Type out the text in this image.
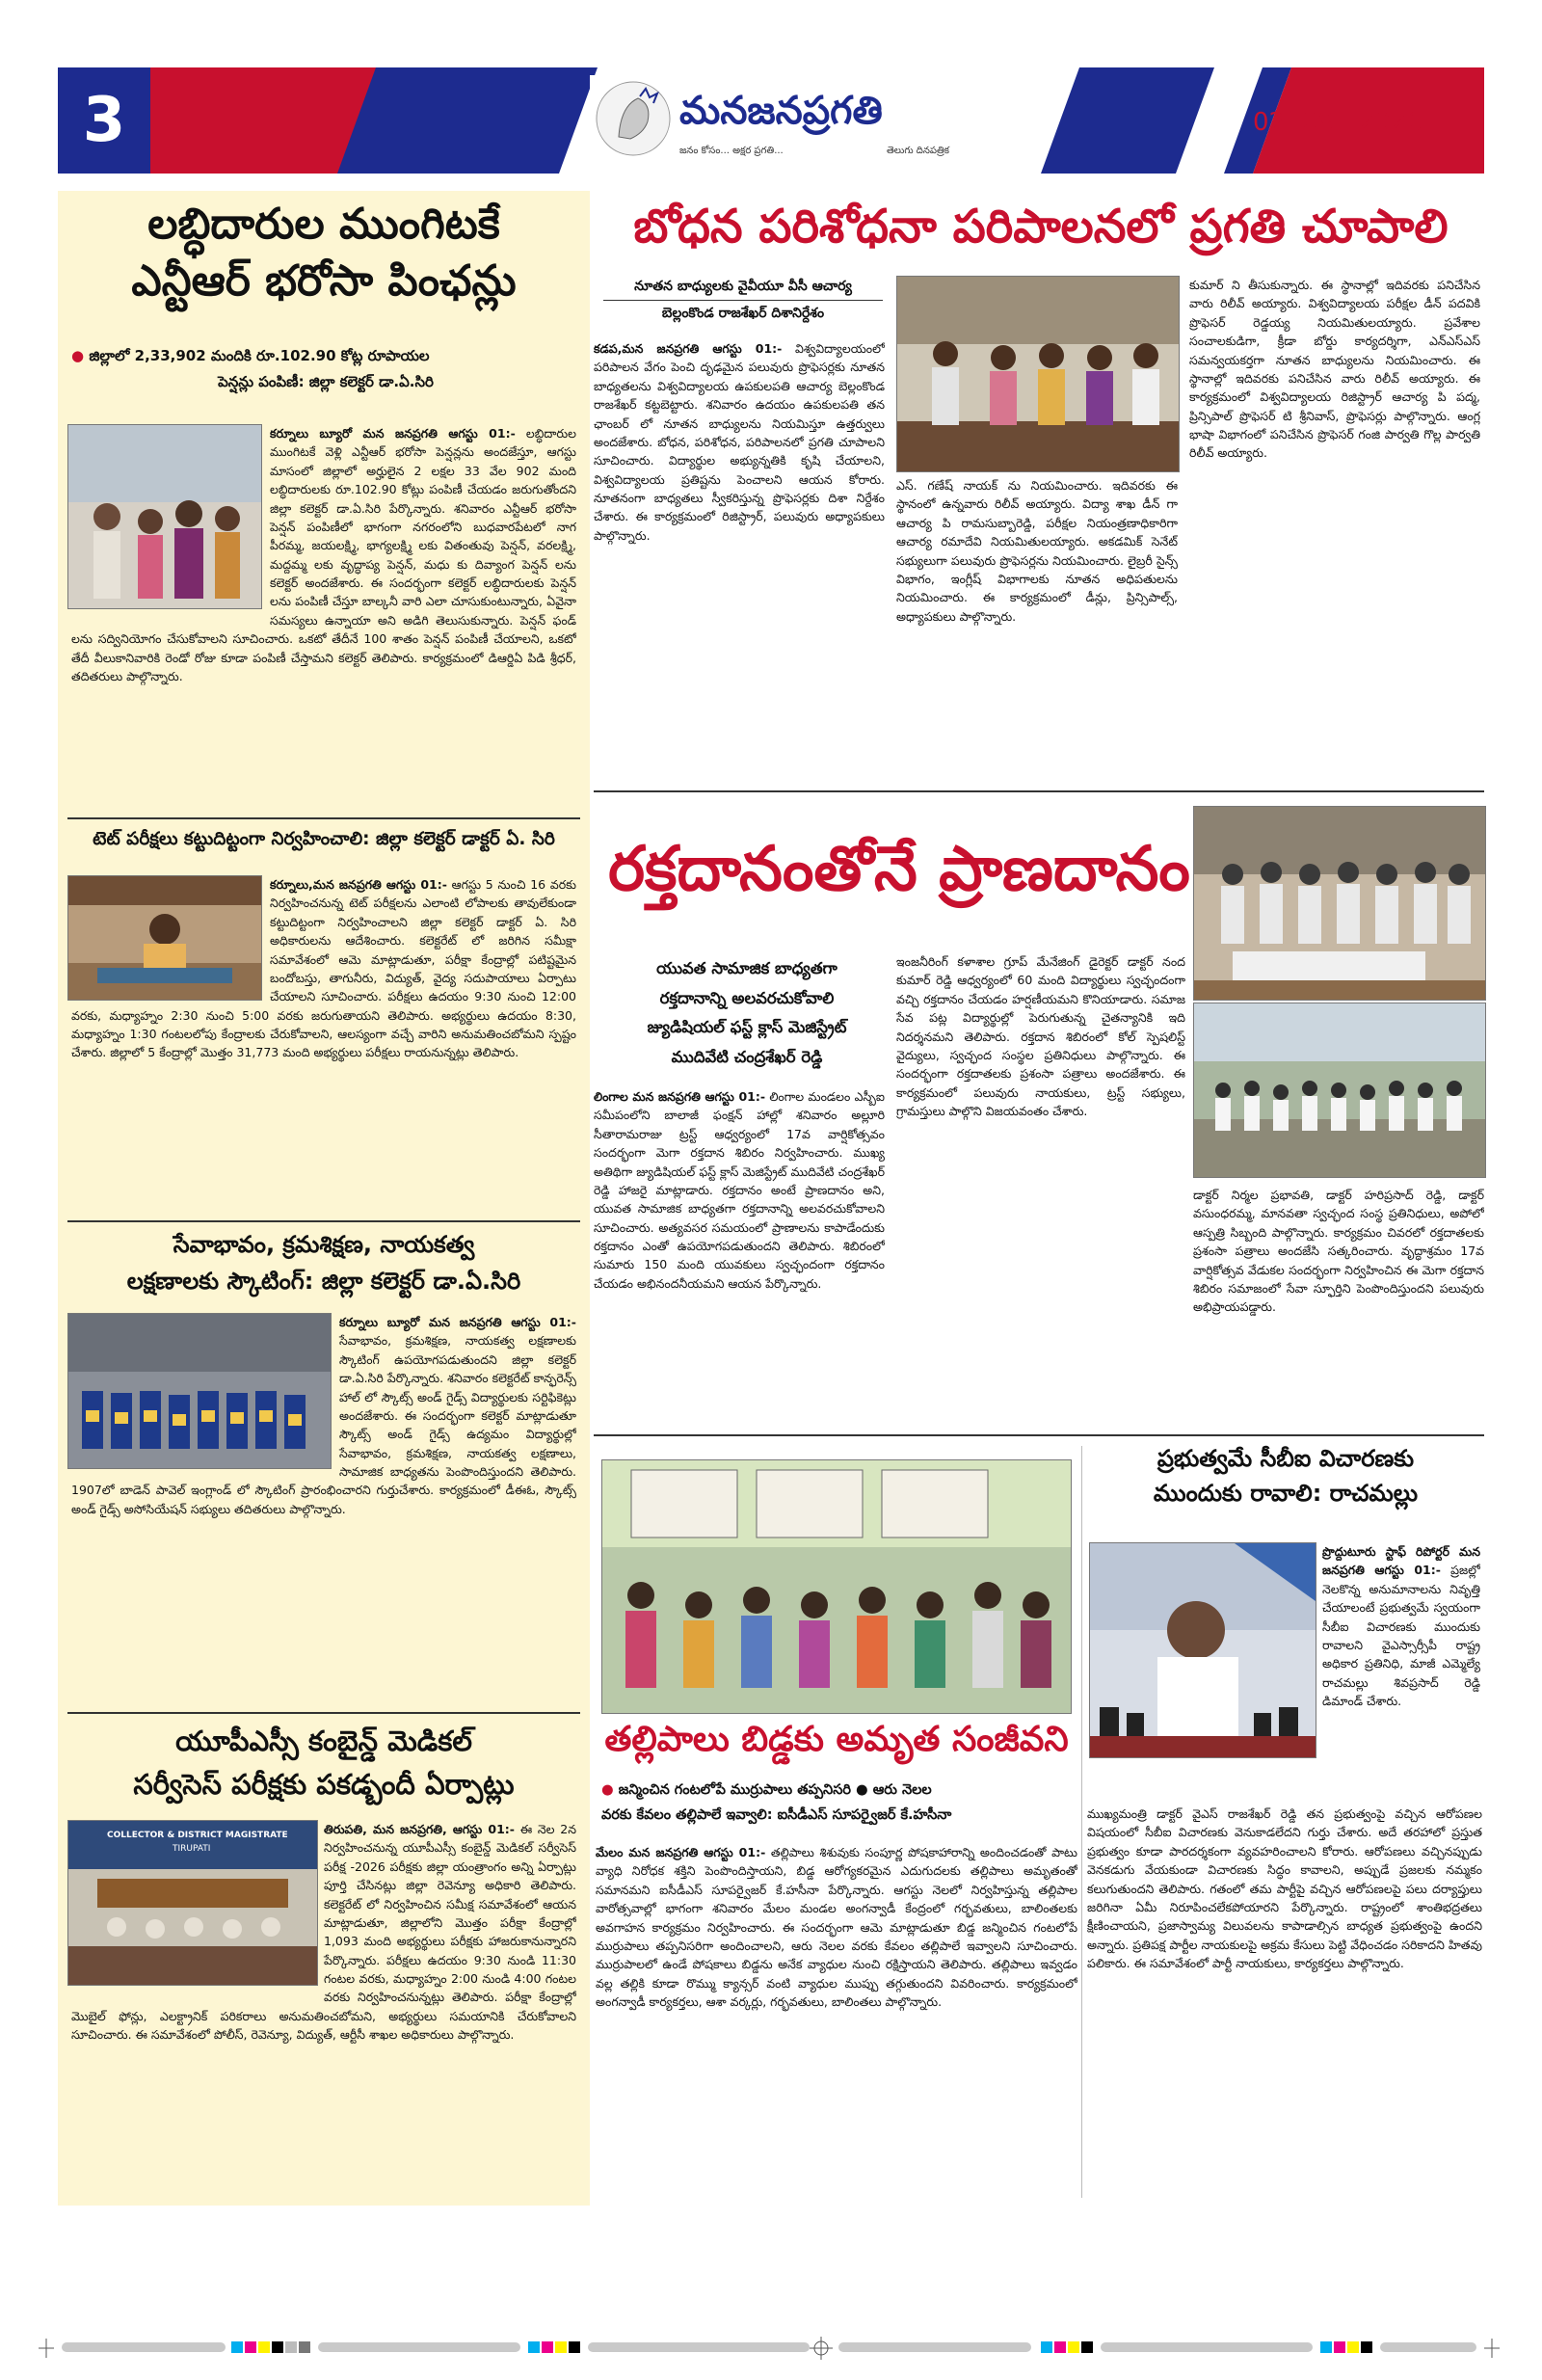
3	మనజనప్రగతి
జనం కోసం... అక్షర ప్రగతి...	తెలుగు దినపత్రిక
02- 08 - 2026
లబ్ధిదారుల ముంగిటకే
ఎన్టీఆర్ భరోసా పింఛన్లు
● జిల్లాలో 2,33,902 మందికి రూ.102.90 కోట్ల రూపాయల
పెన్షన్లు పంపిణీ: జిల్లా కలెక్టర్ డా.ఏ.సిరి
కర్నూలు బ్యూరో మన జనప్రగతి ఆగస్టు 01:- లబ్ధిదారుల ముంగిటకే వెళ్లి ఎన్టీఆర్ భరోసా పెన్షన్లను అందజేస్తూ, ఆగస్టు మాసంలో జిల్లాలో అర్హులైన 2 లక్షల 33 వేల 902 మంది లబ్ధిదారులకు రూ.102.90 కోట్లు పంపిణీ చేయడం జరుగుతోందని జిల్లా కలెక్టర్ డా.ఏ.సిరి పేర్కొన్నారు. శనివారం ఎన్టీఆర్ భరోసా పెన్షన్ పంపిణీలో భాగంగా నగరంలోని బుధవారపేటలో నాగ పీరమ్మ, జయలక్ష్మి, భాగ్యలక్ష్మి లకు వితంతువు పెన్షన్, వరలక్ష్మి, మద్దమ్మ లకు వృద్ధాప్య పెన్షన్, మధు కు దివ్యాంగ పెన్షన్ లను కలెక్టర్ అందజేశారు. ఈ సందర్భంగా కలెక్టర్ లబ్ధిదారులకు పెన్షన్ లను పంపిణీ చేస్తూ బాల్కనీ వారి ఎలా చూసుకుంటున్నారు, ఏవైనా సమస్యలు ఉన్నాయా అని అడిగి తెలుసుకున్నారు. పెన్షన్ ఫండ్ లను సద్వినియోగం చేసుకోవాలని సూచించారు. ఒకటో తేదీనే 100 శాతం పెన్షన్ పంపిణీ చేయాలని, ఒకటో తేదీ వీలుకానివారికి రెండో రోజు కూడా పంపిణీ చేస్తామని కలెక్టర్ తెలిపారు. కార్యక్రమంలో డిఆర్డిఏ పిడి శ్రీధర్, తదితరులు పాల్గొన్నారు.
టెట్ పరీక్షలు కట్టుదిట్టంగా నిర్వహించాలి: జిల్లా కలెక్టర్ డాక్టర్ ఏ. సిరి
కర్నూలు,మన జనప్రగతి ఆగస్టు 01:- ఆగస్టు 5 నుంచి 16 వరకు నిర్వహించనున్న టెట్ పరీక్షలను ఎలాంటి లోపాలకు తావులేకుండా కట్టుదిట్టంగా నిర్వహించాలని జిల్లా కలెక్టర్ డాక్టర్ ఏ. సిరి అధికారులను ఆదేశించారు. కలెక్టరేట్ లో జరిగిన సమీక్షా సమావేశంలో ఆమె మాట్లాడుతూ, పరీక్షా కేంద్రాల్లో పటిష్టమైన బందోబస్తు, తాగునీరు, విద్యుత్, వైద్య సదుపాయాలు ఏర్పాటు చేయాలని సూచించారు. పరీక్షలు ఉదయం 9:30 నుంచి 12:00 వరకు, మధ్యాహ్నం 2:30 నుంచి 5:00 వరకు జరుగుతాయని తెలిపారు. అభ్యర్థులు ఉదయం 8:30, మధ్యాహ్నం 1:30 గంటలలోపు కేంద్రాలకు చేరుకోవాలని, ఆలస్యంగా వచ్చే వారిని అనుమతించబోమని స్పష్టం చేశారు. జిల్లాలో 5 కేంద్రాల్లో మొత్తం 31,773 మంది అభ్యర్థులు పరీక్షలు రాయనున్నట్లు తెలిపారు.
సేవాభావం, క్రమశిక్షణ, నాయకత్వ
లక్షణాలకు స్కౌటింగ్: జిల్లా కలెక్టర్ డా.ఏ.సిరి
కర్నూలు బ్యూరో మన జనప్రగతి ఆగస్టు 01:- సేవాభావం, క్రమశిక్షణ, నాయకత్వ లక్షణాలకు స్కౌటింగ్ ఉపయోగపడుతుందని జిల్లా కలెక్టర్ డా.ఏ.సిరి పేర్కొన్నారు. శనివారం కలెక్టరేట్ కాన్ఫరెన్స్ హాల్ లో స్కౌట్స్ అండ్ గైడ్స్ విద్యార్థులకు సర్టిఫికెట్లు అందజేశారు. ఈ సందర్భంగా కలెక్టర్ మాట్లాడుతూ స్కౌట్స్ అండ్ గైడ్స్ ఉద్యమం విద్యార్థుల్లో సేవాభావం, క్రమశిక్షణ, నాయకత్వ లక్షణాలు, సామాజిక బాధ్యతను పెంపొందిస్తుందని తెలిపారు. 1907లో బాడెన్ పావెల్ ఇంగ్లాండ్ లో స్కౌటింగ్ ప్రారంభించారని గుర్తుచేశారు. కార్యక్రమంలో డీఈఓ, స్కౌట్స్ అండ్ గైడ్స్ అసోసియేషన్ సభ్యులు తదితరులు పాల్గొన్నారు.
యూపీఎస్సీ కంబైన్డ్ మెడికల్
సర్వీసెస్ పరీక్షకు పకడ్బందీ ఏర్పాట్లు
COLLECTOR & DISTRICT MAGISTRATE
TIRUPATI
తిరుపతి, మన జనప్రగతి, ఆగస్టు 01:- ఈ నెల 2న నిర్వహించనున్న యూపీఎస్సీ కంబైన్డ్ మెడికల్ సర్వీసెస్ పరీక్ష -2026 పరీక్షకు జిల్లా యంత్రాంగం అన్ని ఏర్పాట్లు పూర్తి చేసినట్లు జిల్లా రెవెన్యూ అధికారి తెలిపారు. కలెక్టరేట్ లో నిర్వహించిన సమీక్ష సమావేశంలో ఆయన మాట్లాడుతూ, జిల్లాలోని మొత్తం పరీక్షా కేంద్రాల్లో 1,093 మంది అభ్యర్థులు పరీక్షకు హాజరుకానున్నారని పేర్కొన్నారు. పరీక్షలు ఉదయం 9:30 నుండి 11:30 గంటల వరకు, మధ్యాహ్నం 2:00 నుండి 4:00 గంటల వరకు నిర్వహించనున్నట్లు తెలిపారు. పరీక్షా కేంద్రాల్లో మొబైల్ ఫోన్లు, ఎలక్ట్రానిక్ పరికరాలు అనుమతించబోమని, అభ్యర్థులు సమయానికి చేరుకోవాలని సూచించారు. ఈ సమావేశంలో పోలీస్, రెవెన్యూ, విద్యుత్, ఆర్టీసీ శాఖల అధికారులు పాల్గొన్నారు.
బోధన పరిశోధనా పరిపాలనలో ప్రగతి చూపాలి
నూతన బాధ్యులకు వైవీయూ వీసీ ఆచార్య
బెల్లంకొండ రాజశేఖర్ దిశానిర్దేశం
కడప,మన జనప్రగతి ఆగస్టు 01:- విశ్వవిద్యాలయంలో పరిపాలన వేగం పెంచి దృఢమైన పలువురు ప్రొఫెసర్లకు నూతన బాధ్యతలను విశ్వవిద్యాలయ ఉపకులపతి ఆచార్య బెల్లంకొండ రాజశేఖర్ కట్టబెట్టారు. శనివారం ఉదయం ఉపకులపతి తన ఛాంబర్ లో నూతన బాధ్యులను నియమిస్తూ ఉత్తర్వులు అందజేశారు. బోధన, పరిశోధన, పరిపాలనలో ప్రగతి చూపాలని సూచించారు. విద్యార్థుల అభ్యున్నతికి కృషి చేయాలని, విశ్వవిద్యాలయ ప్రతిష్టను పెంచాలని ఆయన కోరారు. నూతనంగా బాధ్యతలు స్వీకరిస్తున్న ప్రొఫెసర్లకు దిశా నిర్దేశం చేశారు. ఈ కార్యక్రమంలో రిజిస్ట్రార్, పలువురు అధ్యాపకులు పాల్గొన్నారు.
ఎస్. గణేష్ నాయక్ ను నియమించారు. ఇదివరకు ఈ స్థానంలో ఉన్నవారు రిలీవ్ అయ్యారు. విద్యా శాఖ డీన్ గా ఆచార్య పి రామసుబ్బారెడ్డి, పరీక్షల నియంత్రణాధికారిగా ఆచార్య రమాదేవి నియమితులయ్యారు. అకడమిక్ సెనేట్ సభ్యులుగా పలువురు ప్రొఫెసర్లను నియమించారు. లైబ్రరీ సైన్స్ విభాగం, ఇంగ్లీష్ విభాగాలకు నూతన అధిపతులను నియమించారు. ఈ కార్యక్రమంలో డీన్లు, ప్రిన్సిపాల్స్, అధ్యాపకులు పాల్గొన్నారు.
కుమార్ ని తీసుకున్నారు. ఈ స్థానాల్లో ఇదివరకు పనిచేసిన వారు రిలీవ్ అయ్యారు. విశ్వవిద్యాలయ పరీక్షల డీన్ పదవికి ప్రొఫెసర్ రెడ్డయ్య నియమితులయ్యారు. ప్రవేశాల సంచాలకుడిగా, క్రీడా బోర్డు కార్యదర్శిగా, ఎన్ఎస్ఎస్ సమన్వయకర్తగా నూతన బాధ్యులను నియమించారు. ఈ స్థానాల్లో ఇదివరకు పనిచేసిన వారు రిలీవ్ అయ్యారు. ఈ కార్యక్రమంలో విశ్వవిద్యాలయ రిజిస్ట్రార్ ఆచార్య పి పద్మ, ప్రిన్సిపాల్ ప్రొఫెసర్ టి శ్రీనివాస్, ప్రొఫెసర్లు పాల్గొన్నారు. ఆంగ్ల భాషా విభాగంలో పనిచేసిన ప్రొఫెసర్ గంజి పార్వతి గొల్ల పార్వతి రిలీవ్ అయ్యారు.
రక్తదానంతోనే ప్రాణదానం
యువత సామాజిక బాధ్యతగా
రక్తదానాన్ని అలవరచుకోవాలి
జ్యుడిషియల్ ఫస్ట్ క్లాస్ మెజిస్ట్రేట్
ముదివేటి చంద్రశేఖర్ రెడ్డి
లింగాల మన జనప్రగతి ఆగస్టు 01:- లింగాల మండలం ఎస్బీఐ సమీపంలోని బాలాజీ ఫంక్షన్ హాల్లో శనివారం అల్లూరి సీతారామరాజు ట్రస్ట్ ఆధ్వర్యంలో 17వ వార్షికోత్సవం సందర్భంగా మెగా రక్తదాన శిబిరం నిర్వహించారు. ముఖ్య అతిథిగా జ్యుడిషియల్ ఫస్ట్ క్లాస్ మెజిస్ట్రేట్ ముదివేటి చంద్రశేఖర్ రెడ్డి హాజరై మాట్లాడారు. రక్తదానం అంటే ప్రాణదానం అని, యువత సామాజిక బాధ్యతగా రక్తదానాన్ని అలవరచుకోవాలని సూచించారు. అత్యవసర సమయంలో ప్రాణాలను కాపాడేందుకు రక్తదానం ఎంతో ఉపయోగపడుతుందని తెలిపారు. శిబిరంలో సుమారు 150 మంది యువకులు స్వచ్ఛందంగా రక్తదానం చేయడం అభినందనీయమని ఆయన పేర్కొన్నారు.
ఇంజనీరింగ్ కళాశాల గ్రూప్ మేనేజింగ్ డైరెక్టర్ డాక్టర్ నంద కుమార్ రెడ్డి ఆధ్వర్యంలో 60 మంది విద్యార్థులు స్వచ్ఛందంగా వచ్చి రక్తదానం చేయడం హర్షణీయమని కొనియాడారు. సమాజ సేవ పట్ల విద్యార్థుల్లో పెరుగుతున్న చైతన్యానికి ఇది నిదర్శనమని తెలిపారు. రక్తదాన శిబిరంలో కోల్ స్పెషలిస్ట్ వైద్యులు, స్వచ్ఛంద సంస్థల ప్రతినిధులు పాల్గొన్నారు. ఈ సందర్భంగా రక్తదాతలకు ప్రశంసా పత్రాలు అందజేశారు. ఈ కార్యక్రమంలో పలువురు నాయకులు, ట్రస్ట్ సభ్యులు, గ్రామస్తులు పాల్గొని విజయవంతం చేశారు.
డాక్టర్ నిర్మల ప్రభావతి, డాక్టర్ హరిప్రసాద్ రెడ్డి, డాక్టర్ వసుంధరమ్మ, మానవతా స్వచ్ఛంద సంస్థ ప్రతినిధులు, అపోలో ఆస్పత్రి సిబ్బంది పాల్గొన్నారు. కార్యక్రమం చివరలో రక్తదాతలకు ప్రశంసా పత్రాలు అందజేసి సత్కరించారు. వృద్ధాశ్రమం 17వ వార్షికోత్సవ వేడుకల సందర్భంగా నిర్వహించిన ఈ మెగా రక్తదాన శిబిరం సమాజంలో సేవా స్ఫూర్తిని పెంపొందిస్తుందని పలువురు అభిప్రాయపడ్డారు.
తల్లిపాలు బిడ్డకు అమృత సంజీవని
● జన్మించిన గంటలోపే ముర్రుపాలు తప్పనిసరి ● ఆరు నెలల
వరకు కేవలం తల్లిపాలే ఇవ్వాలి: ఐసీడీఎస్ సూపర్వైజర్ కే.హసీనా
మేలం మన జనప్రగతి ఆగస్టు 01:- తల్లిపాలు శిశువుకు సంపూర్ణ పోషకాహారాన్ని అందించడంతో పాటు వ్యాధి నిరోధక శక్తిని పెంపొందిస్తాయని, బిడ్డ ఆరోగ్యకరమైన ఎదుగుదలకు తల్లిపాలు అమృతంతో సమానమని ఐసీడీఎస్ సూపర్వైజర్ కే.హసీనా పేర్కొన్నారు. ఆగస్టు నెలలో నిర్వహిస్తున్న తల్లిపాల వారోత్సవాల్లో భాగంగా శనివారం మేలం మండల అంగన్వాడీ కేంద్రంలో గర్భవతులు, బాలింతలకు అవగాహన కార్యక్రమం నిర్వహించారు. ఈ సందర్భంగా ఆమె మాట్లాడుతూ బిడ్డ జన్మించిన గంటలోపే ముర్రుపాలు తప్పనిసరిగా అందించాలని, ఆరు నెలల వరకు కేవలం తల్లిపాలే ఇవ్వాలని సూచించారు. ముర్రుపాలలో ఉండే పోషకాలు బిడ్డను అనేక వ్యాధుల నుంచి రక్షిస్తాయని తెలిపారు. తల్లిపాలు ఇవ్వడం వల్ల తల్లికి కూడా రొమ్ము క్యాన్సర్ వంటి వ్యాధుల ముప్పు తగ్గుతుందని వివరించారు. కార్యక్రమంలో అంగన్వాడీ కార్యకర్తలు, ఆశా వర్కర్లు, గర్భవతులు, బాలింతలు పాల్గొన్నారు.
ప్రభుత్వమే సీబీఐ విచారణకు
ముందుకు రావాలి: రాచమల్లు
ప్రొద్దుటూరు స్టాఫ్ రిపోర్టర్ మన జనప్రగతి ఆగస్టు 01:- ప్రజల్లో నెలకొన్న అనుమానాలను నివృత్తి చేయాలంటే ప్రభుత్వమే స్వయంగా సీబీఐ విచారణకు ముందుకు రావాలని వైఎస్సార్సీపీ రాష్ట్ర అధికార ప్రతినిధి, మాజీ ఎమ్మెల్యే రాచమల్లు శివప్రసాద్ రెడ్డి డిమాండ్ చేశారు.
ముఖ్యమంత్రి డాక్టర్ వైఎస్ రాజశేఖర్ రెడ్డి తన ప్రభుత్వంపై వచ్చిన ఆరోపణల విషయంలో సీబీఐ విచారణకు వెనుకాడలేదని గుర్తు చేశారు. అదే తరహాలో ప్రస్తుత ప్రభుత్వం కూడా పారదర్శకంగా వ్యవహరించాలని కోరారు. ఆరోపణలు వచ్చినప్పుడు వెనకడుగు వేయకుండా విచారణకు సిద్ధం కావాలని, అప్పుడే ప్రజలకు నమ్మకం కలుగుతుందని తెలిపారు. గతంలో తమ పార్టీపై వచ్చిన ఆరోపణలపై పలు దర్యాప్తులు జరిగినా ఏమీ నిరూపించలేకపోయారని పేర్కొన్నారు. రాష్ట్రంలో శాంతిభద్రతలు క్షీణించాయని, ప్రజాస్వామ్య విలువలను కాపాడాల్సిన బాధ్యత ప్రభుత్వంపై ఉందని అన్నారు. ప్రతిపక్ష పార్టీల నాయకులపై అక్రమ కేసులు పెట్టి వేధించడం సరికాదని హితవు పలికారు. ఈ సమావేశంలో పార్టీ నాయకులు, కార్యకర్తలు పాల్గొన్నారు.
